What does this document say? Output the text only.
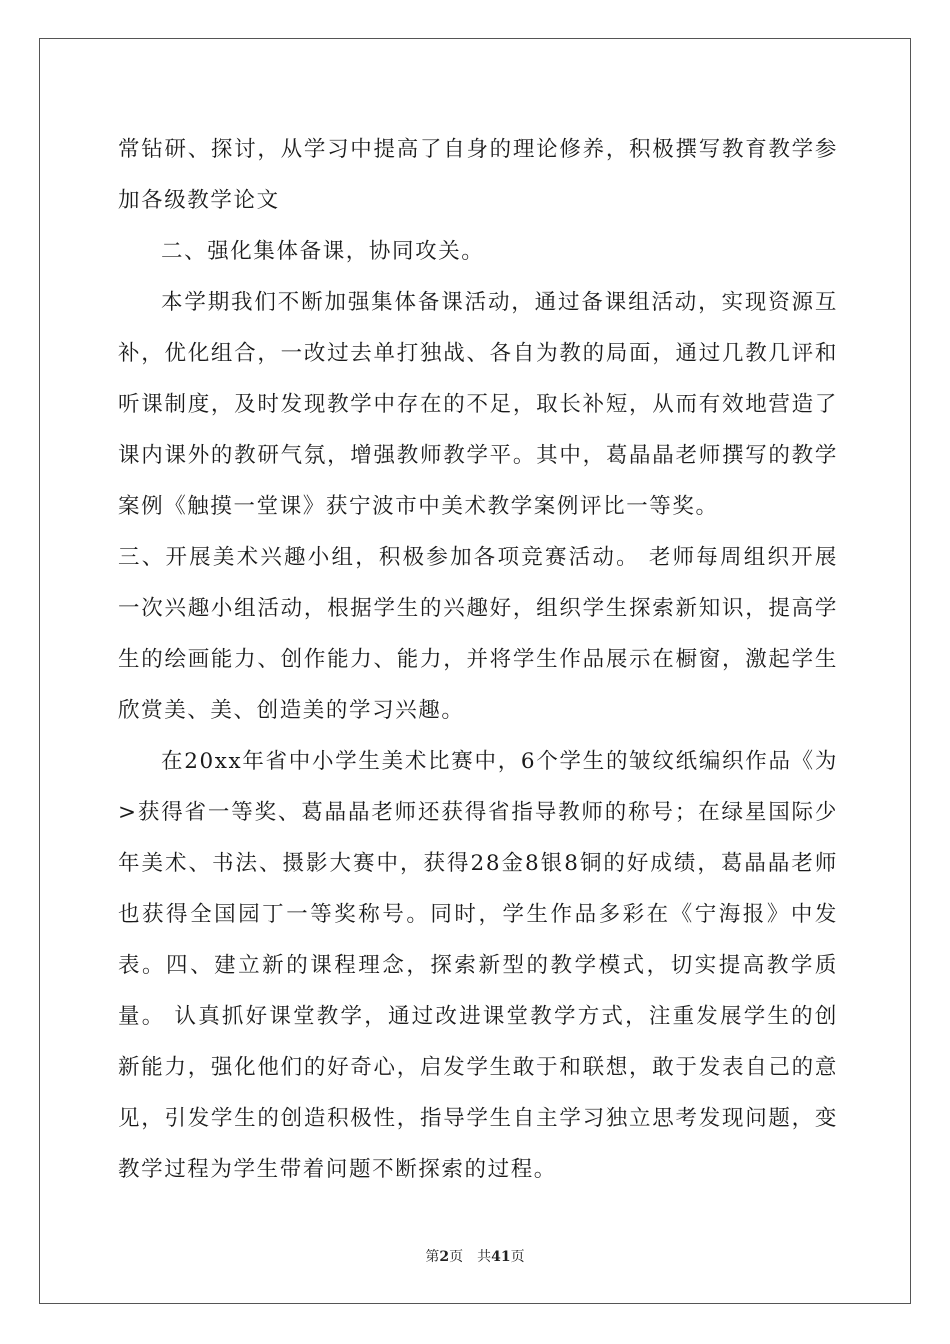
常钻研、探讨，从学习中提高了自身的理论修养，积极撰写教育教学参加各级教学论文

二、强化集体备课，协同攻关。

本学期我们不断加强集体备课活动，通过备课组活动，实现资源互补，优化组合，一改过去单打独战、各自为教的局面，通过几教几评和听课制度，及时发现教学中存在的不足，取长补短，从而有效地营造了课内课外的教研气氛，增强教师教学平。其中，葛晶晶老师撰写的教学案例《触摸一堂课》获宁波市中美术教学案例评比一等奖。

三、开展美术兴趣小组，积极参加各项竞赛活动。 老师每周组织开展一次兴趣小组活动，根据学生的兴趣好，组织学生探索新知识，提高学生的绘画能力、创作能力、能力，并将学生作品展示在橱窗，激起学生欣赏美、美、创造美的学习兴趣。

在20xx年省中小学生美术比赛中，6个学生的皱纹纸编织作品《为>获得省一等奖、葛晶晶老师还获得省指导教师的称号；在绿星国际少年美术、书法、摄影大赛中，获得28金8银8铜的好成绩，葛晶晶老师也获得全国园丁一等奖称号。同时，学生作品多彩在《宁海报》中发表。四、建立新的课程理念，探索新型的教学模式，切实提高教学质量。 认真抓好课堂教学，通过改进课堂教学方式，注重发展学生的创新能力，强化他们的好奇心，启发学生敢于和联想，敢于发表自己的意见，引发学生的创造积极性，指导学生自主学习独立思考发现问题，变教学过程为学生带着问题不断探索的过程。

第2页 共41页
